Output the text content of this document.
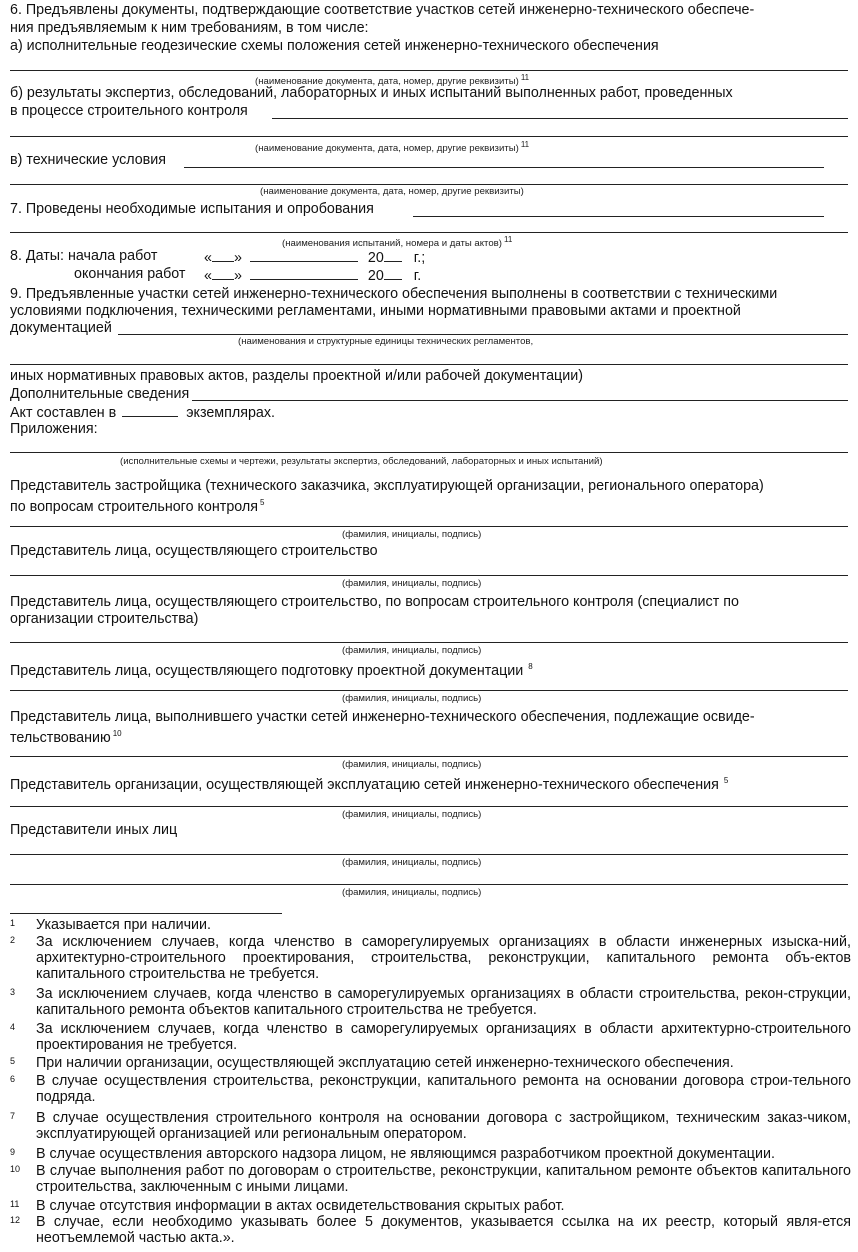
6. Предъявлены документы, подтверждающие соответствие участков сетей инженерно-технического обеспече-
ния предъявляемым к ним требованиям, в том числе:
а) исполнительные геодезические схемы положения сетей инженерно-технического обеспечения
(наименование документа, дата, номер, другие реквизиты) $^{11}$
б) результаты экспертиз, обследований, лабораторных и иных испытаний выполненных работ, проведенных
в процессе строительного контроля
(наименование документа, дата, номер, другие реквизиты) $^{11}$
в) технические условия
(наименование документа, дата, номер, другие реквизиты)
7. Проведены необходимые испытания и опробования
(наименования испытаний, номера и даты актов) $^{11}$
8. Даты: начала работ	« »	20 г.;
окончания работ « »	20 г.
9. Предъявленные участки сетей инженерно-технического обеспечения выполнены в соответствии с техническими
условиями подключения, техническими регламентами, иными нормативными правовыми актами и проектной
документацией
(наименования и структурные единицы технических регламентов,
иных нормативных правовых актов, разделы проектной и/или рабочей документации)
Дополнительные сведения
Акт составлен в	экземплярах.
Приложения:
(исполнительные схемы и чертежи, результаты экспертиз, обследований, лабораторных и иных испытаний)
Представитель застройщика (технического заказчика, эксплуатирующей организации, регионального оператора)
по вопросам строительного контроля $^5$
(фамилия, инициалы, подпись)
Представитель лица, осуществляющего строительство
(фамилия, инициалы, подпись)
Представитель лица, осуществляющего строительство, по вопросам строительного контроля (специалист по
организации строительства)
(фамилия, инициалы, подпись)
Представитель лица, осуществляющего подготовку проектной документации $^8$
(фамилия, инициалы, подпись)
Представитель лица, выполнившего участки сетей инженерно-технического обеспечения, подлежащие освиде-
тельствованию $^{10}$
(фамилия, инициалы, подпись)
Представитель организации, осуществляющей эксплуатацию сетей инженерно-технического обеспечения $^5$
(фамилия, инициалы, подпись)
Представители иных лиц
(фамилия, инициалы, подпись)
(фамилия, инициалы, подпись)
1 Указывается при наличии.
2 За исключением случаев, когда членство в саморегулируемых организациях в области инженерных изыска-ний, архитектурно-строительного проектирования, строительства, реконструкции, капитального ремонта объ-ектов капитального строительства не требуется.
3 За исключением случаев, когда членство в саморегулируемых организациях в области строительства, рекон-струкции, капитального ремонта объектов капитального строительства не требуется.
4 За исключением случаев, когда членство в саморегулируемых организациях в области архитектурно-строительного проектирования не требуется.
5 При наличии организации, осуществляющей эксплуатацию сетей инженерно-технического обеспечения.
6 В случае осуществления строительства, реконструкции, капитального ремонта на основании договора строи-тельного подряда.
7 В случае осуществления строительного контроля на основании договора с застройщиком, техническим заказ-чиком, эксплуатирующей организацией или региональным оператором.
9 В случае осуществления авторского надзора лицом, не являющимся разработчиком проектной документации.
10 В случае выполнения работ по договорам о строительстве, реконструкции, капитальном ремонте объектов капитального строительства, заключенным с иными лицами.
11 В случае отсутствия информации в актах освидетельствования скрытых работ.
12 В случае, если необходимо указывать более 5 документов, указывается ссылка на их реестр, который явля-ется неотъемлемой частью акта.».
